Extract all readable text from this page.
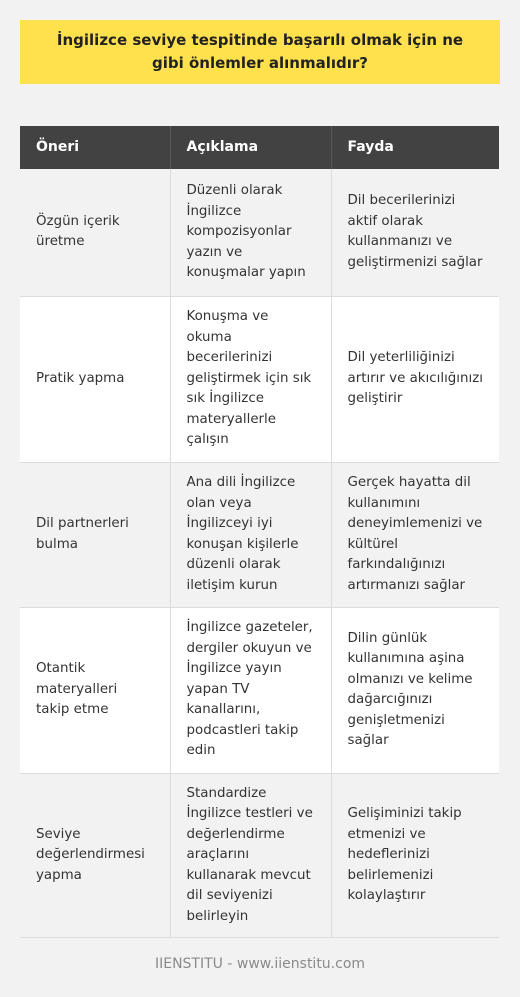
İngilizce seviye tespitinde başarılı olmak için ne gibi önlemler alınmalıdır?
Öneri	Açıklama	Fayda
Özgün içerik üretme	Düzenli olarak İngilizce kompozisyonlar yazın ve konuşmalar yapın	Dil becerilerinizi aktif olarak kullanmanızı ve geliştirmenizi sağlar
Pratik yapma	Konuşma ve okuma becerilerinizi geliştirmek için sık sık İngilizce materyallerle çalışın	Dil yeterliliğinizi artırır ve akıcılığınızı geliştirir
Dil partnerleri bulma	Ana dili İngilizce olan veya İngilizceyi iyi konuşan kişilerle düzenli olarak iletişim kurun	Gerçek hayatta dil kullanımını deneyimlemenizi ve kültürel farkındalığınızı artırmanızı sağlar
Otantik materyalleri takip etme	İngilizce gazeteler, dergiler okuyun ve İngilizce yayın yapan TV kanallarını, podcastleri takip edin	Dilin günlük kullanımına aşina olmanızı ve kelime dağarcığınızı genişletmenizi sağlar
Seviye değerlendirmesi yapma	Standardize İngilizce testleri ve değerlendirme araçlarını kullanarak mevcut dil seviyenizi belirleyin	Gelişiminizi takip etmenizi ve hedeflerinizi belirlemenizi kolaylaştırır
IIENSTITU - www.iienstitu.com
